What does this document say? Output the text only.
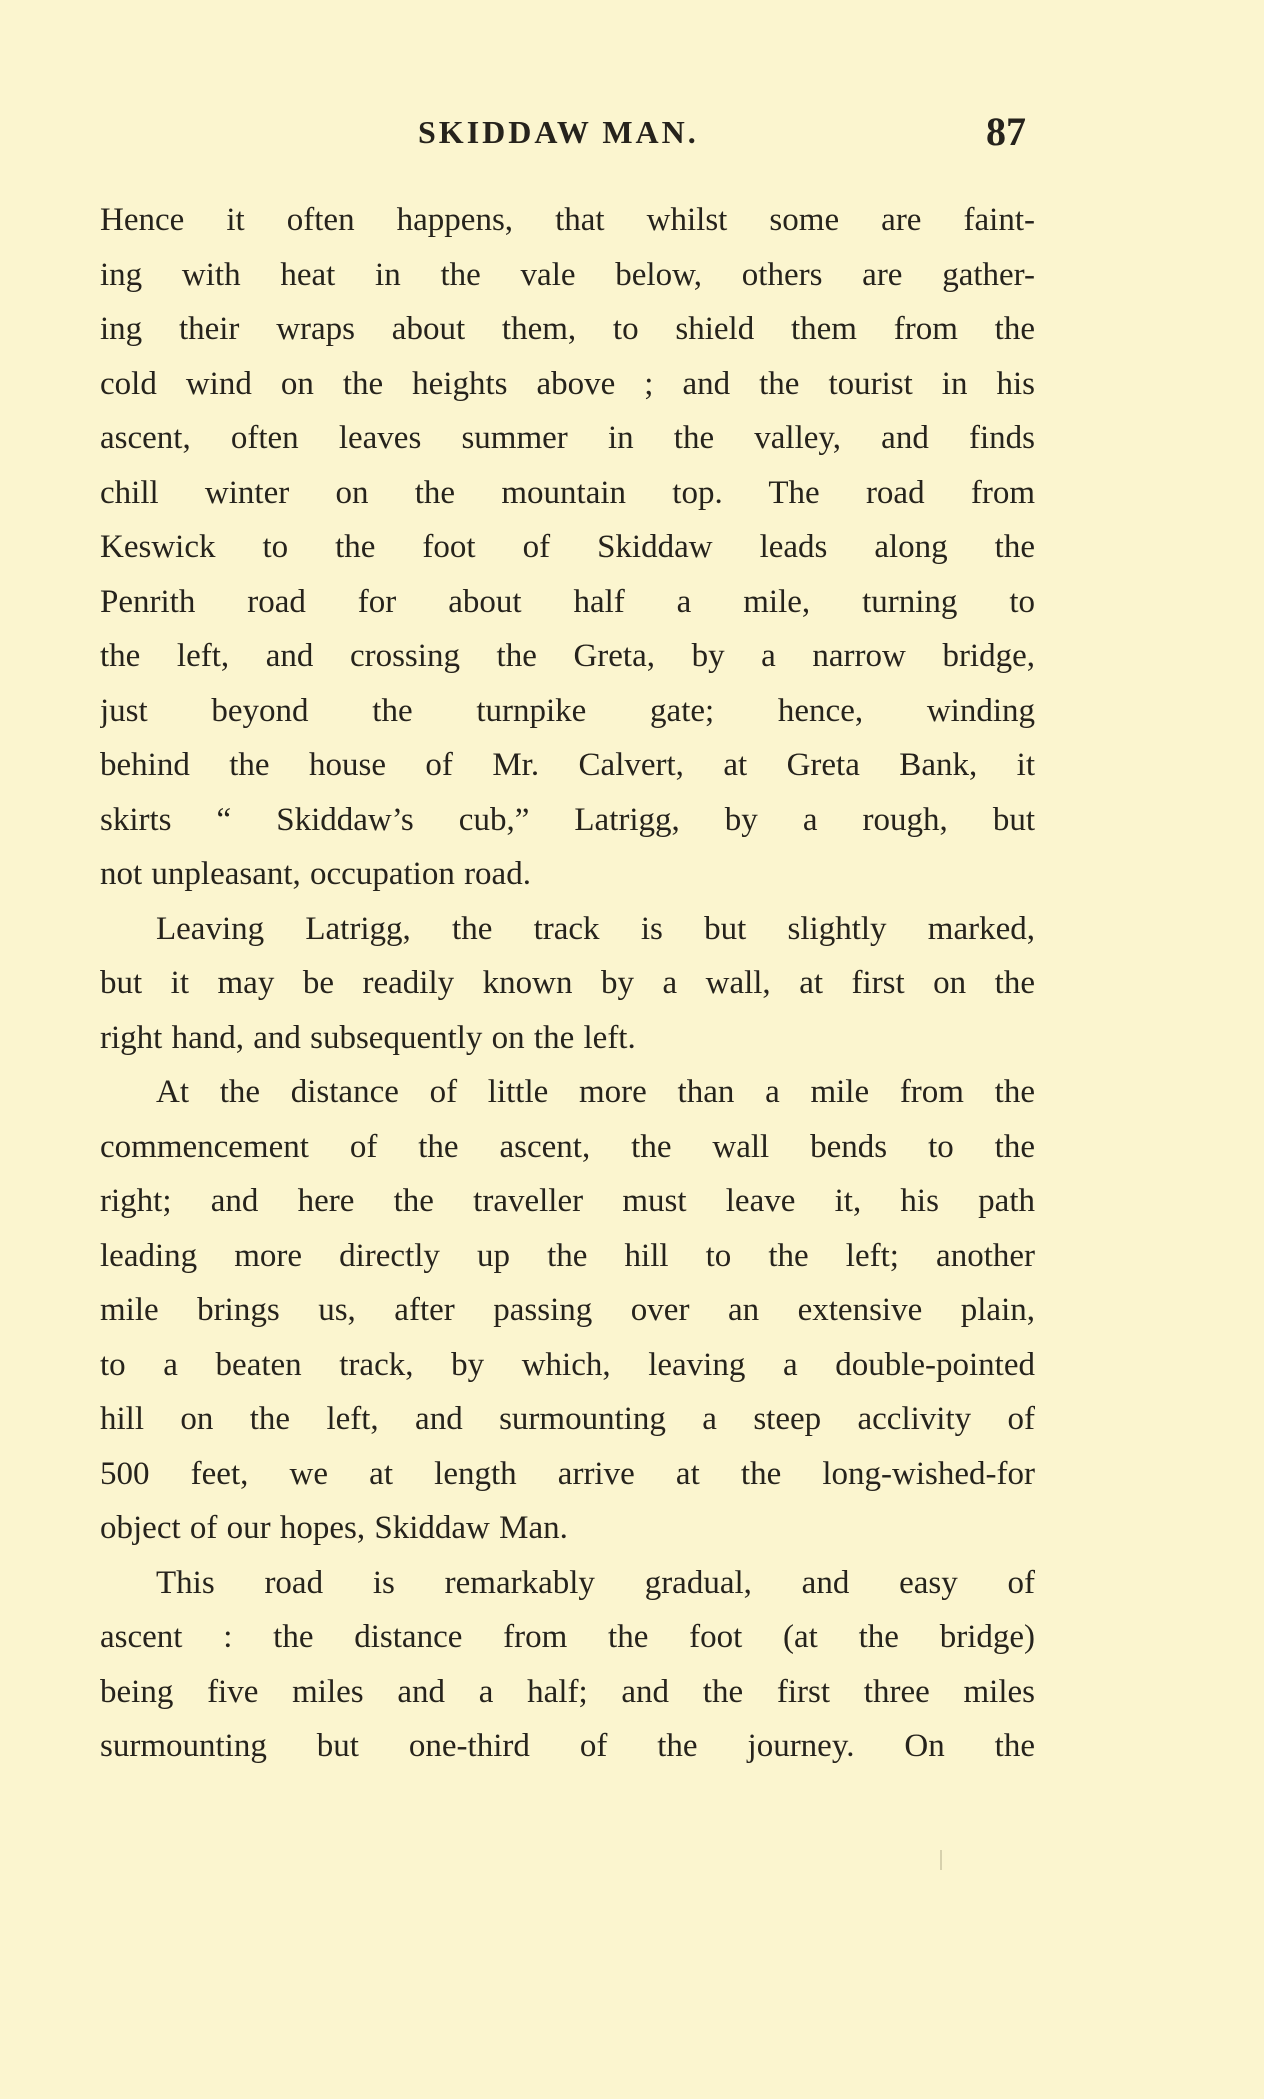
SKIDDAW MAN.	87
Hence it often happens, that whilst some are faint-
ing with heat in the vale below, others are gather-
ing their wraps about them, to shield them from the
cold wind on the heights above ; and the tourist in his
ascent, often leaves summer in the valley, and finds
chill winter on the mountain top. The road from
Keswick to the foot of Skiddaw leads along the
Penrith road for about half a mile, turning to
the left, and crossing the Greta, by a narrow bridge,
just beyond the turnpike gate; hence, winding
behind the house of Mr. Calvert, at Greta Bank, it
skirts “ Skiddaw’s cub,” Latrigg, by a rough, but
not unpleasant, occupation road.
Leaving Latrigg, the track is but slightly marked,
but it may be readily known by a wall, at first on the
right hand, and subsequently on the left.
At the distance of little more than a mile from the
commencement of the ascent, the wall bends to the
right; and here the traveller must leave it, his path
leading more directly up the hill to the left; another
mile brings us, after passing over an extensive plain,
to a beaten track, by which, leaving a double-pointed
hill on the left, and surmounting a steep acclivity of
500 feet, we at length arrive at the long-wished-for
object of our hopes, Skiddaw Man.
This road is remarkably gradual, and easy of
ascent : the distance from the foot (at the bridge)
being five miles and a half; and the first three miles
surmounting but one-third of the journey. On the
